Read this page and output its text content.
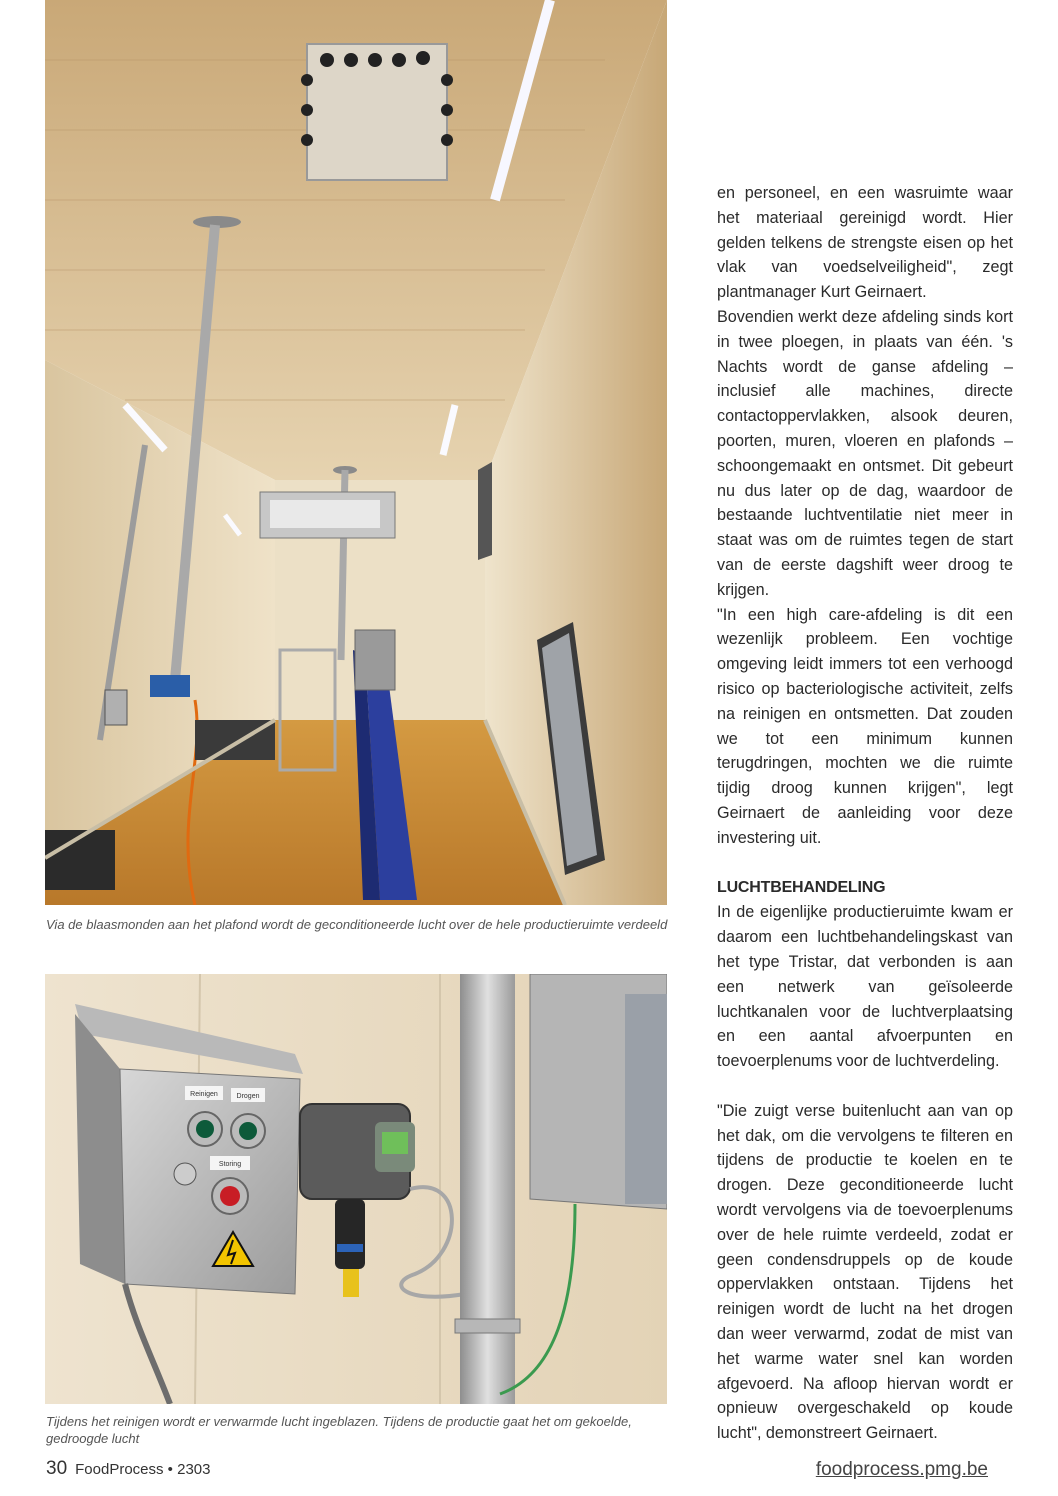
Via de blaasmonden aan het plafond wordt de geconditioneerde lucht over de hele productieruimte verdeeld
Reinigen	Drogen
Storing
Tijdens het reinigen wordt er verwarmde lucht ingeblazen. Tijdens de productie gaat het om gekoelde, gedroogde lucht

en personeel, en een wasruimte waar het materiaal gereinigd wordt. Hier gelden telkens de strengste eisen op het vlak van voedselveiligheid", zegt plantmanager Kurt Geirnaert.

Bovendien werkt deze afdeling sinds kort in twee ploegen, in plaats van één. 's Nachts wordt de ganse afdeling – inclusief alle machines, directe contactoppervlakken, alsook deuren, poorten, muren, vloeren en plafonds – schoongemaakt en ontsmet. Dit gebeurt nu dus later op de dag, waardoor de bestaande luchtventilatie niet meer in staat was om de ruimtes tegen de start van de eerste dagshift weer droog te krijgen.

"In een high care-afdeling is dit een wezenlijk probleem. Een vochtige omgeving leidt immers tot een verhoogd risico op bacteriologische activiteit, zelfs na reinigen en ontsmetten. Dat zouden we tot een minimum kunnen terugdringen, mochten we die ruimte tijdig droog kunnen krijgen", legt Geirnaert de aanleiding voor deze investering uit.

LUCHTBEHANDELING

In de eigenlijke productieruimte kwam er daarom een luchtbehandelingskast van het type Tristar, dat verbonden is aan een netwerk van geïsoleerde luchtkanalen voor de luchtverplaatsing en een aantal afvoerpunten en toevoerplenums voor de luchtverdeling.

"Die zuigt verse buitenlucht aan van op het dak, om die vervolgens te filteren en tijdens de productie te koelen en te drogen. Deze geconditioneerde lucht wordt vervolgens via de toevoerplenums over de hele ruimte verdeeld, zodat er geen condensdruppels op de koude oppervlakken ontstaan. Tijdens het reinigen wordt de lucht na het drogen dan weer verwarmd, zodat de mist van het warme water snel kan worden afgevoerd. Na afloop hiervan wordt er opnieuw overgeschakeld op koude lucht", demonstreert Geirnaert.

30 FoodProcess • 2303	foodprocess.pmg.be
